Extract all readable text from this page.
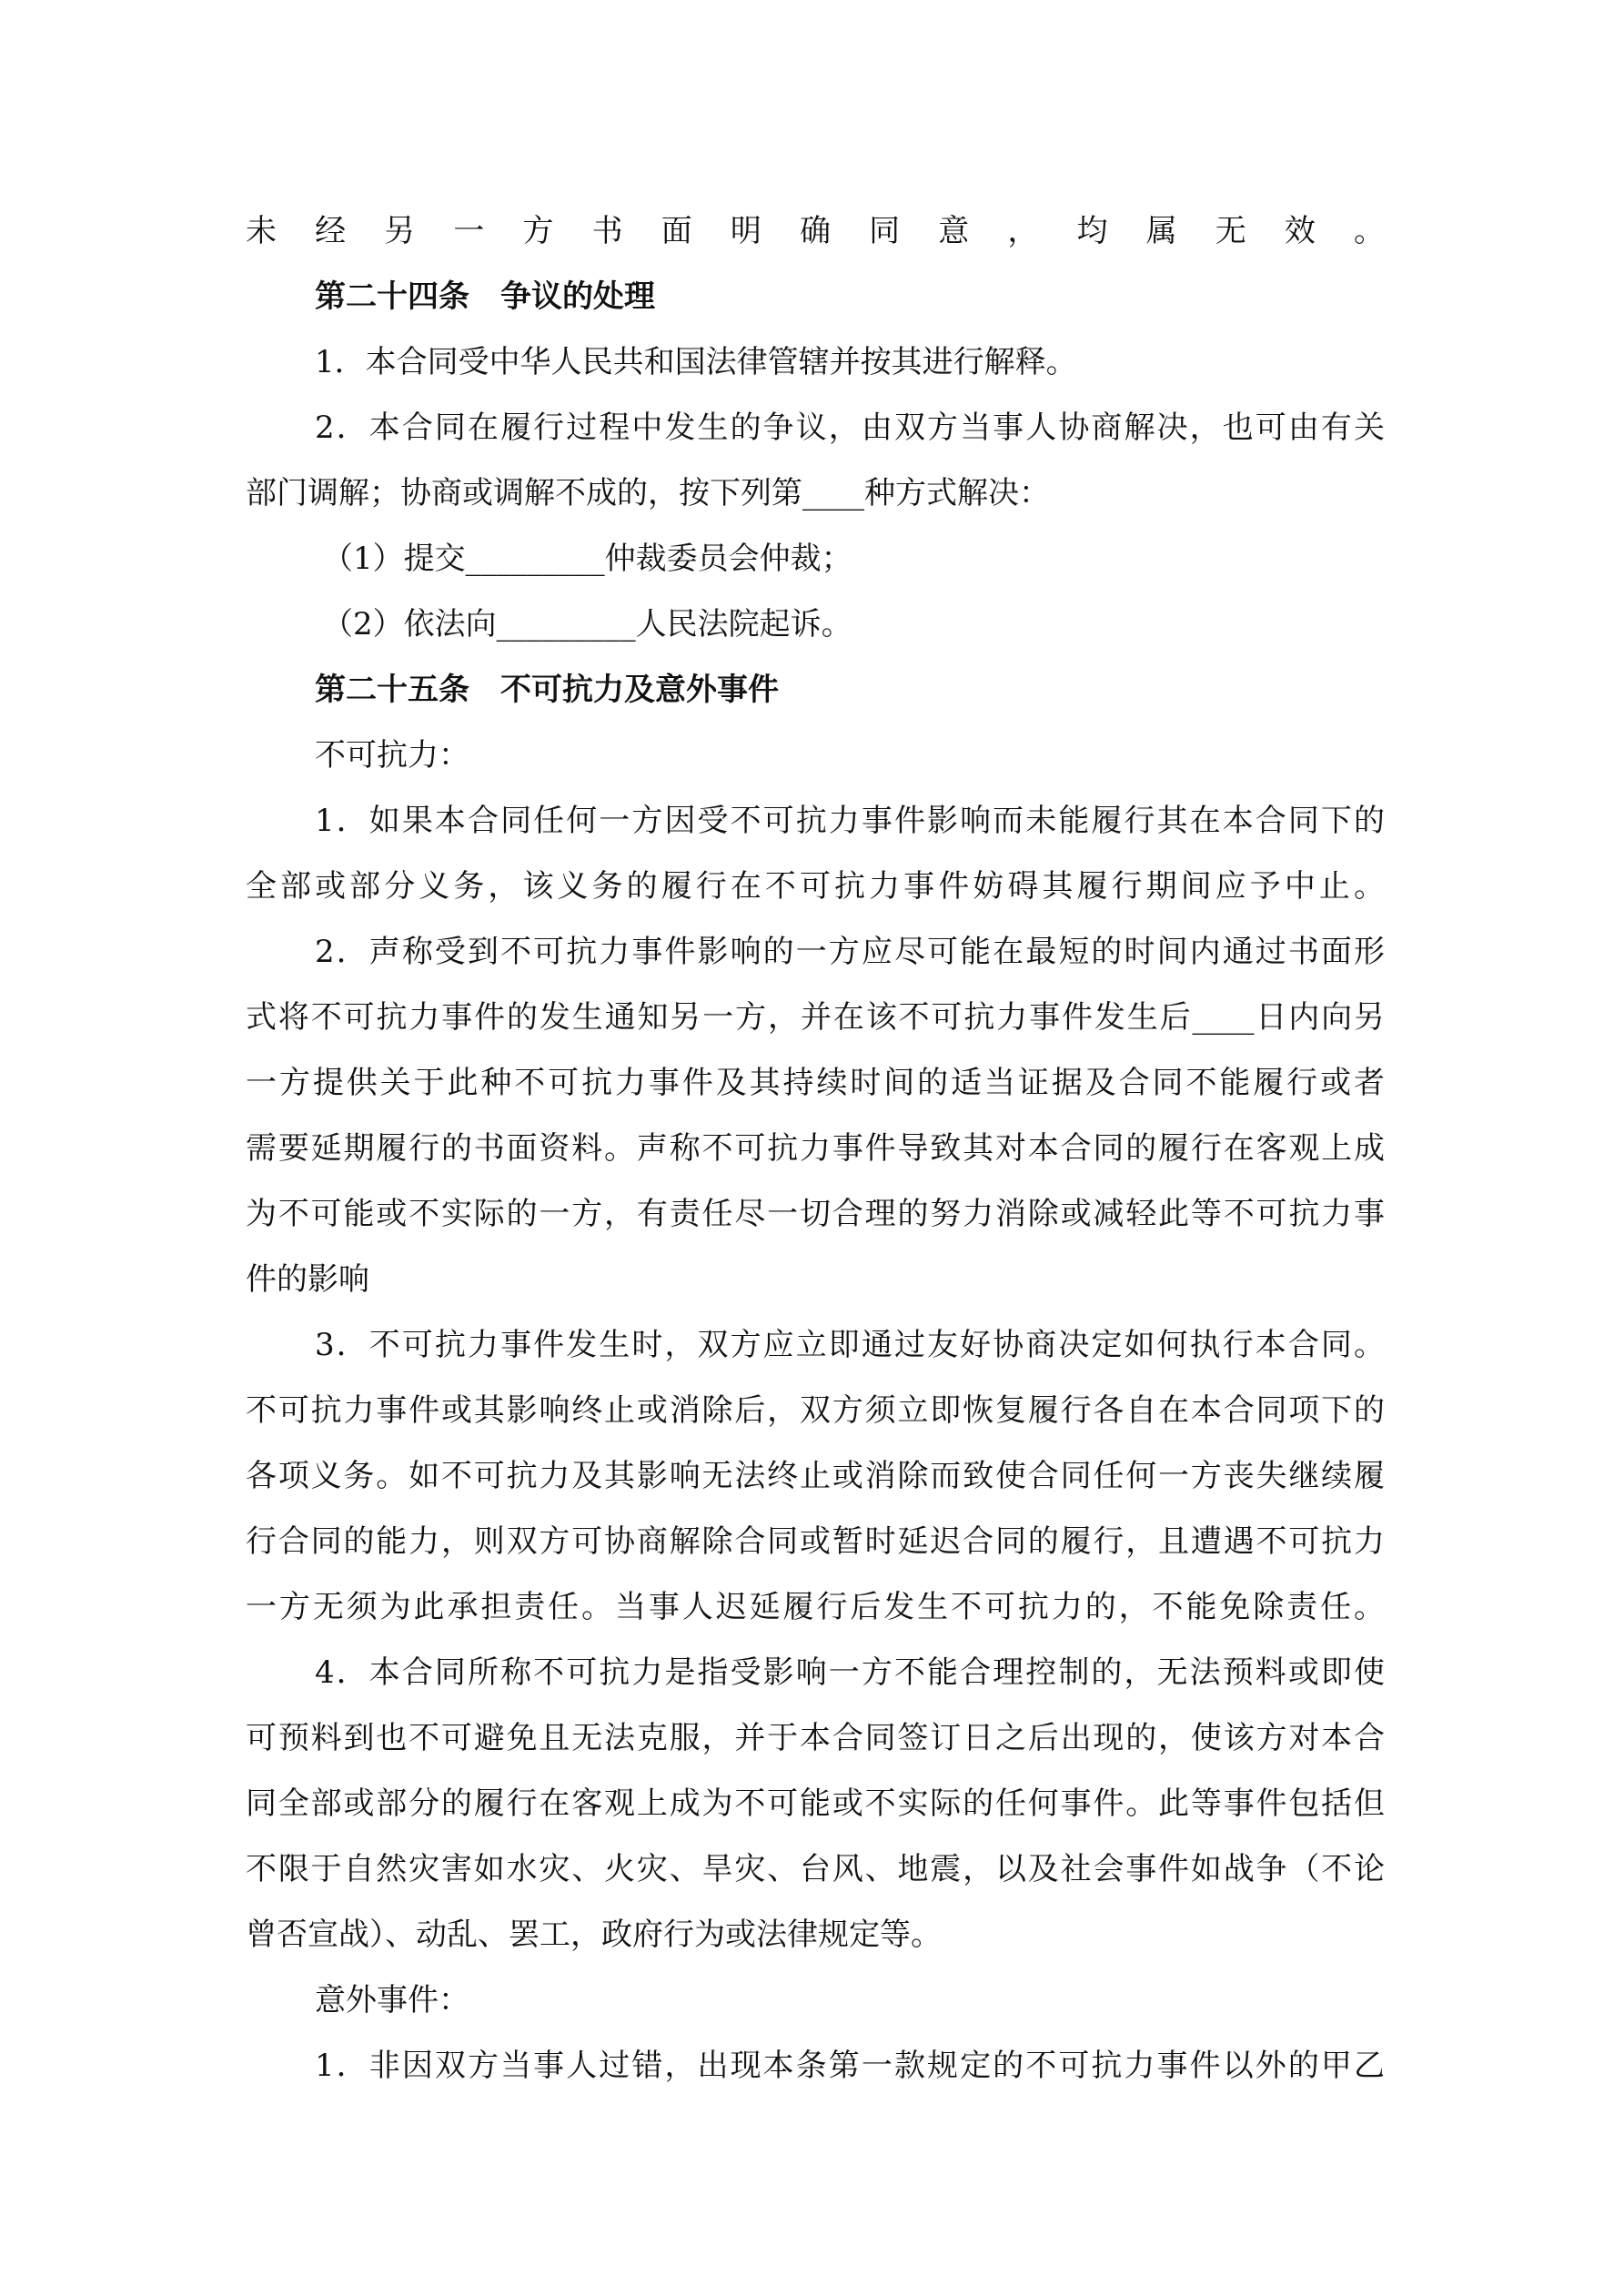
未经另一方书面明确同意，均属无效。
第二十四条　争议的处理
1．本合同受中华人民共和国法律管辖并按其进行解释。
2．本合同在履行过程中发生的争议，由双方当事人协商解决，也可由有关
部门调解；协商或调解不成的，按下列第____种方式解决：
（1）提交_________仲裁委员会仲裁；
（2）依法向_________人民法院起诉。
第二十五条　不可抗力及意外事件
不可抗力：
1．如果本合同任何一方因受不可抗力事件影响而未能履行其在本合同下的
全部或部分义务，该义务的履行在不可抗力事件妨碍其履行期间应予中止。
2．声称受到不可抗力事件影响的一方应尽可能在最短的时间内通过书面形
式将不可抗力事件的发生通知另一方，并在该不可抗力事件发生后____日内向另
一方提供关于此种不可抗力事件及其持续时间的适当证据及合同不能履行或者
需要延期履行的书面资料。声称不可抗力事件导致其对本合同的履行在客观上成
为不可能或不实际的一方，有责任尽一切合理的努力消除或减轻此等不可抗力事
件的影响
3．不可抗力事件发生时，双方应立即通过友好协商决定如何执行本合同。
不可抗力事件或其影响终止或消除后，双方须立即恢复履行各自在本合同项下的
各项义务。如不可抗力及其影响无法终止或消除而致使合同任何一方丧失继续履
行合同的能力，则双方可协商解除合同或暂时延迟合同的履行，且遭遇不可抗力
一方无须为此承担责任。当事人迟延履行后发生不可抗力的，不能免除责任。
4．本合同所称不可抗力是指受影响一方不能合理控制的，无法预料或即使
可预料到也不可避免且无法克服，并于本合同签订日之后出现的，使该方对本合
同全部或部分的履行在客观上成为不可能或不实际的任何事件。此等事件包括但
不限于自然灾害如水灾、火灾、旱灾、台风、地震，以及社会事件如战争（不论
曾否宣战）、动乱、罢工，政府行为或法律规定等。
意外事件：
1．非因双方当事人过错，出现本条第一款规定的不可抗力事件以外的甲乙
